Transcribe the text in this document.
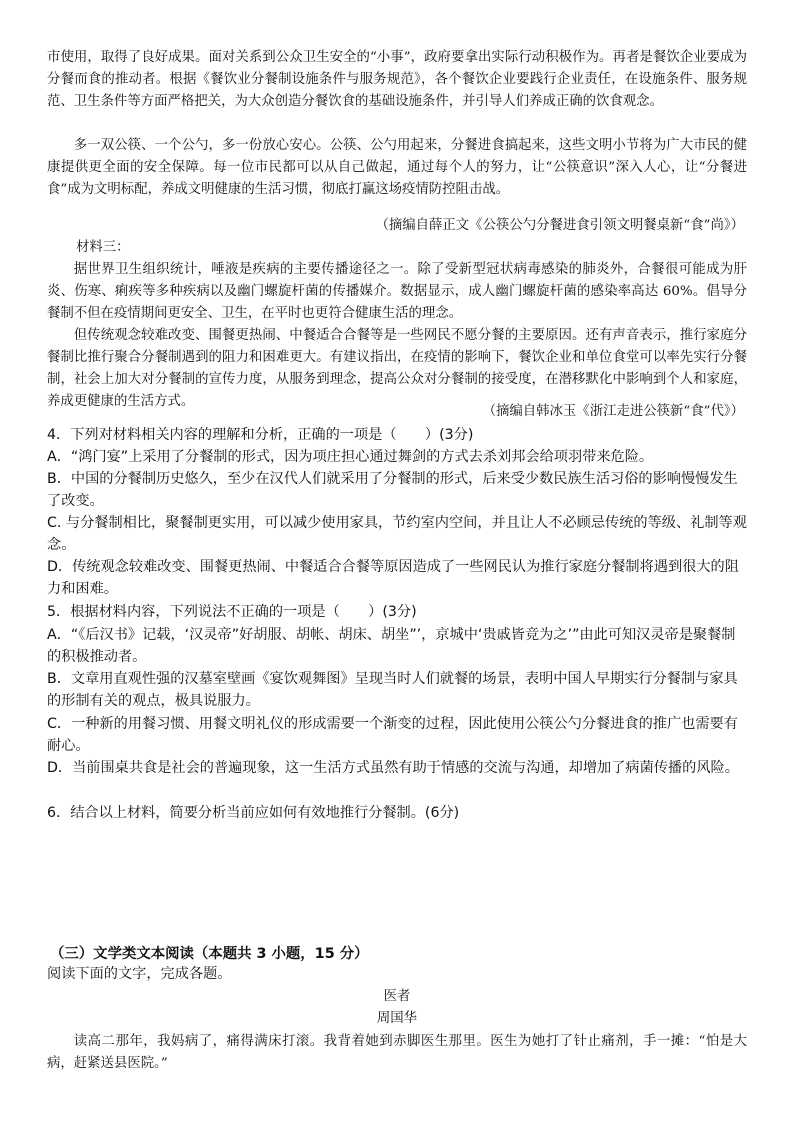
市使用，取得了良好成果。面对关系到公众卫生安全的“小事”，政府要拿出实际行动积极作为。再者是餐饮企业要成为分餐而食的推动者。根据《餐饮业分餐制设施条件与服务规范》，各个餐饮企业要践行企业责任，在设施条件、服务规范、卫生条件等方面严格把关，为大众创造分餐饮食的基础设施条件，并引导人们养成正确的饮食观念。

多一双公筷、一个公勺，多一份放心安心。公筷、公勺用起来，分餐进食搞起来，这些文明小节将为广大市民的健康提供更全面的安全保障。每一位市民都可以从自己做起，通过每个人的努力，让“公筷意识”深入人心，让“分餐进食”成为文明标配，养成文明健康的生活习惯，彻底打赢这场疫情防控阻击战。

（摘编自薛正文《公筷公勺分餐进食引领文明餐桌新“食”尚》）

材料三：

据世界卫生组织统计，唾液是疾病的主要传播途径之一。除了受新型冠状病毒感染的肺炎外，合餐很可能成为肝炎、伤寒、痢疾等多种疾病以及幽门螺旋杆菌的传播媒介。数据显示，成人幽门螺旋杆菌的感染率高达 60%。倡导分餐制不但在疫情期间更安全、卫生，在平时也更符合健康生活的理念。

但传统观念较难改变、围餐更热闹、中餐适合合餐等是一些网民不愿分餐的主要原因。还有声音表示，推行家庭分餐制比推行聚合分餐制遇到的阻力和困难更大。有建议指出，在疫情的影响下，餐饮企业和单位食堂可以率先实行分餐制，社会上加大对分餐制的宣传力度，从服务到理念，提高公众对分餐制的接受度，在潜移默化中影响到个人和家庭，养成更健康的生活方式。

（摘编自韩冰玉《浙江走进公筷新“食”代》）

4．下列对材料相关内容的理解和分析，正确的一项是（　　）(3分)

A．“鸿门宴”上采用了分餐制的形式，因为项庄担心通过舞剑的方式去杀刘邦会给项羽带来危险。

B．中国的分餐制历史悠久，至少在汉代人们就采用了分餐制的形式，后来受少数民族生活习俗的影响慢慢发生了改变。

C. 与分餐制相比，聚餐制更实用，可以减少使用家具，节约室内空间，并且让人不必顾忌传统的等级、礼制等观念。

D．传统观念较难改变、围餐更热闹、中餐适合合餐等原因造成了一些网民认为推行家庭分餐制将遇到很大的阻力和困难。

5．根据材料内容，下列说法不正确的一项是（　　）(3分)

A．“《后汉书》记载，‘汉灵帝”好胡服、胡帐、胡床、胡坐”’，京城中‘贵戚皆竞为之’”由此可知汉灵帝是聚餐制的积极推动者。

B．文章用直观性强的汉墓室壁画《宴饮观舞图》呈现当时人们就餐的场景，表明中国人早期实行分餐制与家具的形制有关的观点，极具说服力。

C．一种新的用餐习惯、用餐文明礼仪的形成需要一个渐变的过程，因此使用公筷公勺分餐进食的推广也需要有耐心。

D．当前围桌共食是社会的普遍现象，这一生活方式虽然有助于情感的交流与沟通，却增加了病菌传播的风险。

6．结合以上材料，简要分析当前应如何有效地推行分餐制。(6分)

（三）文学类文本阅读（本题共 3 小题，15 分）

阅读下面的文字，完成各题。

医者

周国华

读高二那年，我妈病了，痛得满床打滚。我背着她到赤脚医生那里。医生为她打了针止痛剂，手一摊：“怕是大病，赶紧送县医院。”
